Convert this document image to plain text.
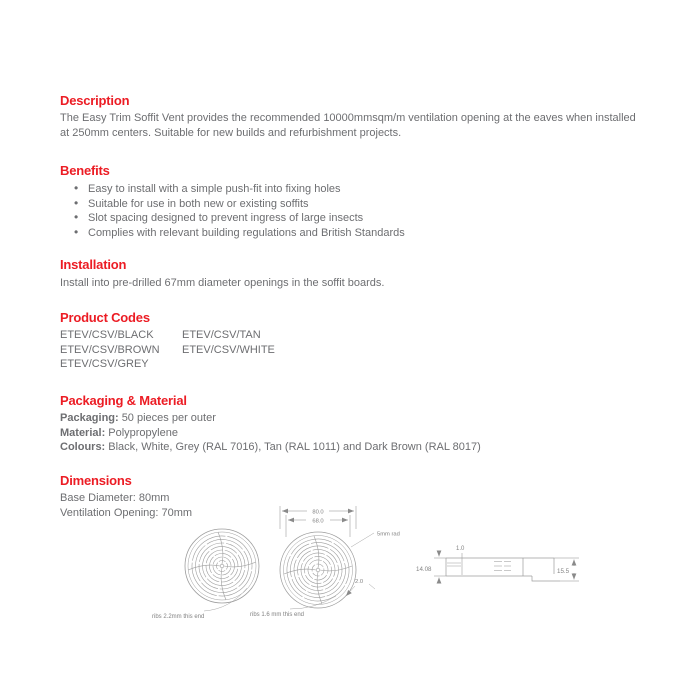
Description

The Easy Trim Soffit Vent provides the recommended 10000mmsqm/m ventilation opening at the eaves when installed at 250mm centers. Suitable for new builds and refurbishment projects.

Benefits
• Easy to install with a simple push-fit into fixing holes
• Suitable for use in both new or existing soffits
• Slot spacing designed to prevent ingress of large insects
• Complies with relevant building regulations and British Standards
Installation

Install into pre-drilled 67mm diameter openings in the soffit boards.

Product Codes
ETEV/CSV/BLACK
ETEV/CSV/BROWN
ETEV/CSV/GREY
ETEV/CSV/TAN
ETEV/CSV/WHITE
Packaging & Material
Packaging: 50 pieces per outer
Material: Polypropylene
Colours: Black, White, Grey (RAL 7016), Tan (RAL 1011) and Dark Brown (RAL 8017)
Dimensions
Base Diameter: 80mm
Ventilation Opening: 70mm
ribs 2.2mm this end
80.0
68.0
5mm rad
2.0
ribs 1.6 mm this end
1.0
14.08	15.5
